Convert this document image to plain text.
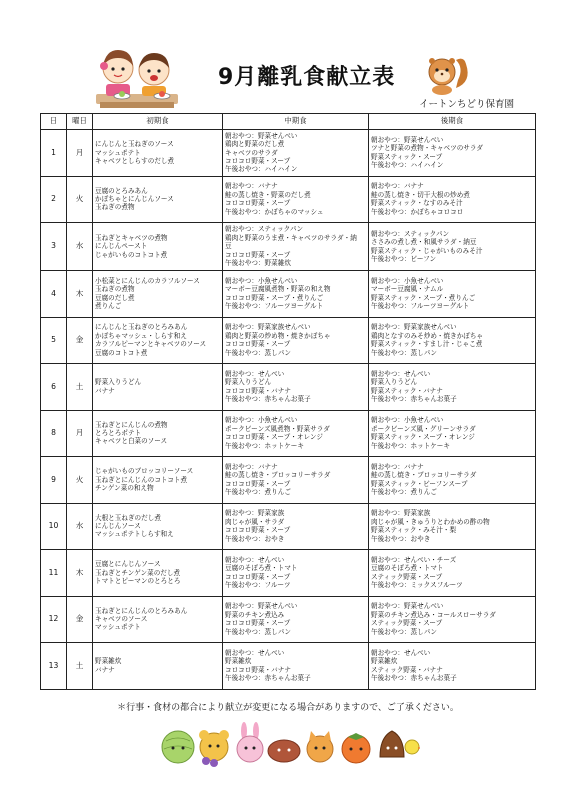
9月離乳食献立表
イートンちどり保育園
日	曜日	初期食	中期食	後期食
1	月	にんじんと玉ねぎのソース
マッシュポテト
キャベツとしらすのだし煮	朝おやつ：野菜せんべい
鶏肉と野菜のだし煮
キャベツのサラダ
コロコロ野菜・スープ
午後おやつ：ハイハイン	朝おやつ：野菜せんべい
ツナと野菜の煮物・キャベツのサラダ
野菜スティック・スープ
午後おやつ：ハイハイン
2	火	豆腐のとろみあん
かぼちゃとにんじんソース
玉ねぎの煮物	朝おやつ：バナナ
鮭の蒸し焼き・野菜のだし煮
コロコロ野菜・スープ
午後おやつ：かぼちゃのマッシュ	朝おやつ：バナナ
鮭の蒸し焼き・切干大根の炒め煮
野菜スティック・なすのみそ汁
午後おやつ：かぼちゃコロコロ
3	水	玉ねぎとキャベツの煮物
にんじんペースト
じゃがいものコトコト煮	朝おやつ：スティックパン
鶏肉と野菜のうま煮・キャベツのサラダ・納
豆
コロコロ野菜・スープ
午後おやつ：野菜雑炊	朝おやつ：スティックパン
ささみの煮し煮・和風サラダ・納豆
野菜スティック・じゃがいものみそ汁
午後おやつ：ビーフン
4	木	小松菜とにんじんのカラフルソース
玉ねぎの煮物
豆腐のだし煮
煮りんご	朝おやつ：小魚せんべい
マーボー豆腐風煮物・野菜の和え物
コロコロ野菜・スープ・煮りんご
午後おやつ：フルーツヨーグルト	朝おやつ：小魚せんべい
マーボー豆腐風・ナムル
野菜スティック・スープ・煮りんご
午後おやつ：フルーツヨーグルト
5	金	にんじんと玉ねぎのとろみあん
かぼちゃマッシュ・しらす和え
カラフルピーマンとキャベツのソース
豆腐のコトコト煮	朝おやつ：野菜家族せんべい
鶏肉と野菜の炒め物・焼きかぼちゃ
コロコロ野菜・スープ
午後おやつ：蒸しパン	朝おやつ：野菜家族せんべい
鶏肉となすのみそ炒め・焼きかぼちゃ
野菜スティック・すまし汁・じゃこ煮
午後おやつ：蒸しパン
6	土	野菜入りうどん
バナナ	朝おやつ：せんべい
野菜入りうどん
コロコロ野菜・バナナ
午後おやつ：赤ちゃんお菓子	朝おやつ：せんべい
野菜入りうどん
野菜スティック・バナナ
午後おやつ：赤ちゃんお菓子
8	月	玉ねぎとにんじんの煮物
とろとろポテト
キャベツと白菜のソース	朝おやつ：小魚せんべい
ポークビーンズ風煮物・野菜サラダ
コロコロ野菜・スープ・オレンジ
午後おやつ：ホットケーキ	朝おやつ：小魚せんべい
ポークビーンズ風・グリーンサラダ
野菜スティック・スープ・オレンジ
午後おやつ：ホットケーキ
9	火	じゃがいものブロッコリーソース
玉ねぎとにんじんのコトコト煮
チンゲン菜の和え物	朝おやつ：バナナ
鮭の蒸し焼き・ブロッコリーサラダ
コロコロ野菜・スープ
午後おやつ：煮りんご	朝おやつ：バナナ
鮭の蒸し焼き・ブロッコリーサラダ
野菜スティック・ビーフンスープ
午後おやつ：煮りんご
10	水	大根と玉ねぎのだし煮
にんじんソース
マッシュポテトしらす和え	朝おやつ：野菜家族
肉じゃが風・サラダ
コロコロ野菜・スープ
午後おやつ：おやき	朝おやつ：野菜家族
肉じゃが風・きゅうりとわかめの酢の物
野菜スティック・みそ汁・梨
午後おやつ：おやき
11	木	豆腐とにんじんソース
玉ねぎとチンゲン菜のだし煮
トマトとピーマンのとろとろ	朝おやつ：せんべい
豆腐のそぼろ煮・トマト
コロコロ野菜・スープ
午後おやつ：フルーツ	朝おやつ：せんべい・チーズ
豆腐のそぼろ煮・トマト
スティック野菜・スープ
午後おやつ：ミックスフルーツ
12	金	玉ねぎとにんじんのとろみあん
キャベツのソース
マッシュポテト	朝おやつ：野菜せんべい
野菜のチキン煮込み
コロコロ野菜・スープ
午後おやつ：蒸しパン	朝おやつ：野菜せんべい
野菜のチキン煮込み・コールスローサラダ
スティック野菜・スープ
午後おやつ：蒸しパン
13	土	野菜雑炊
バナナ	朝おやつ：せんべい
野菜雑炊
コロコロ野菜・バナナ
午後おやつ：赤ちゃんお菓子	朝おやつ：せんべい
野菜雑炊
スティック野菜・バナナ
午後おやつ：赤ちゃんお菓子
＊行事・食材の都合により献立が変更になる場合がありますので、ご了承ください。
